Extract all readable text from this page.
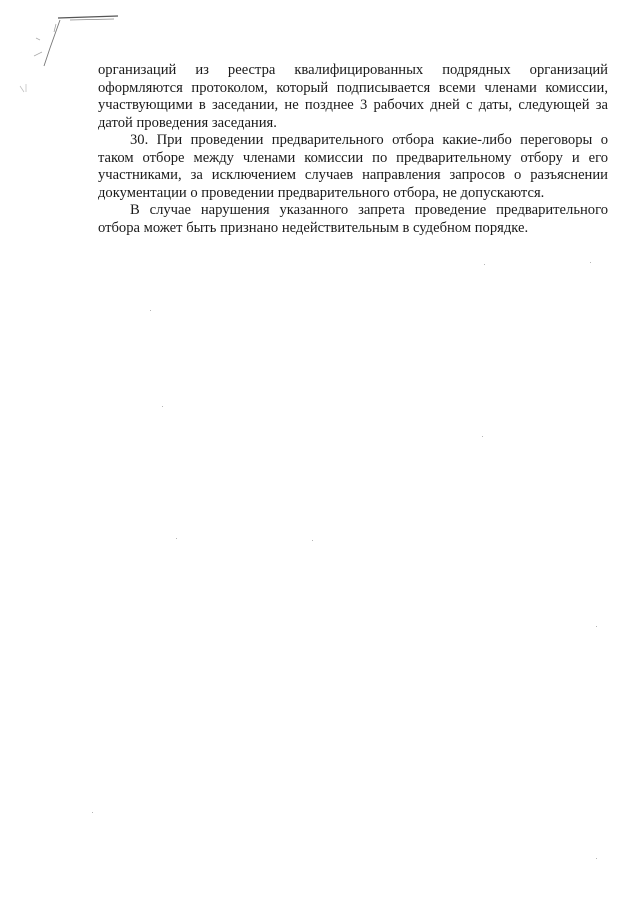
организаций из реестра квалифицированных подрядных организаций оформляются протоколом, который подписывается всеми членами комиссии, участвующими в заседании, не позднее 3 рабочих дней с даты, следующей за датой проведения заседания.

30. При проведении предварительного отбора какие-либо переговоры о таком отборе между членами комиссии по предварительному отбору и его участниками, за исключением случаев направления запросов о разъяснении документации о проведении предварительного отбора, не допускаются.

В случае нарушения указанного запрета проведение предварительного отбора может быть признано недействительным в судебном порядке.
